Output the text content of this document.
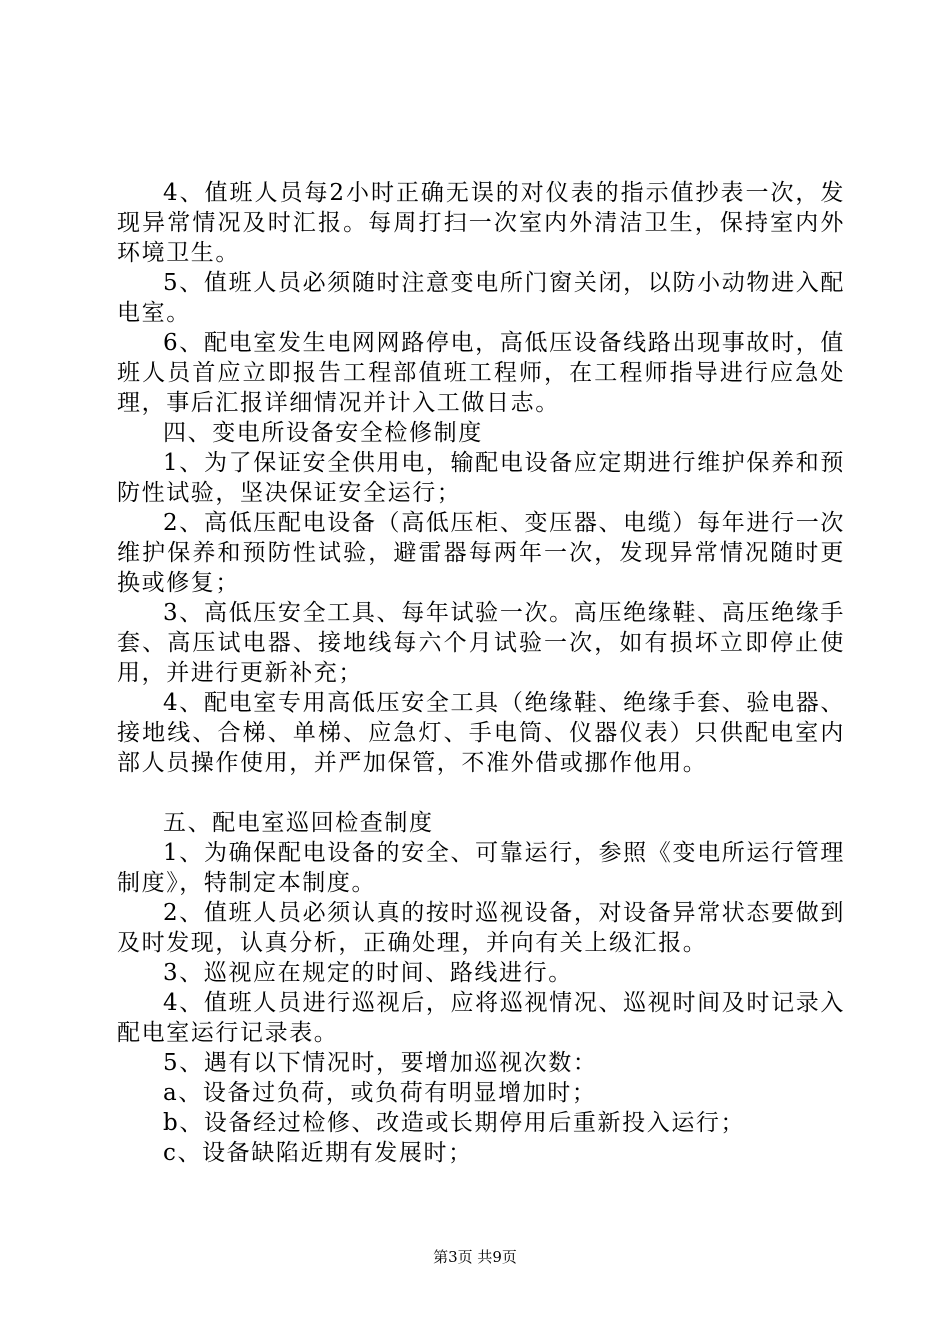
4、值班人员每2小时正确无误的对仪表的指示值抄表一次，发现异常情况及时汇报。每周打扫一次室内外清洁卫生，保持室内外环境卫生。

5、值班人员必须随时注意变电所门窗关闭，以防小动物进入配电室。

6、配电室发生电网网路停电，高低压设备线路出现事故时，值班人员首应立即报告工程部值班工程师，在工程师指导进行应急处理，事后汇报详细情况并计入工做日志。

四、变电所设备安全检修制度

1、为了保证安全供用电，输配电设备应定期进行维护保养和预防性试验，坚决保证安全运行；

2、高低压配电设备（高低压柜、变压器、电缆）每年进行一次维护保养和预防性试验，避雷器每两年一次，发现异常情况随时更换或修复；

3、高低压安全工具、每年试验一次。高压绝缘鞋、高压绝缘手套、高压试电器、接地线每六个月试验一次，如有损坏立即停止使用，并进行更新补充；

4、配电室专用高低压安全工具（绝缘鞋、绝缘手套、验电器、接地线、合梯、单梯、应急灯、手电筒、仪器仪表）只供配电室内部人员操作使用，并严加保管，不准外借或挪作他用。

五、配电室巡回检查制度

1、为确保配电设备的安全、可靠运行，参照《变电所运行管理制度》，特制定本制度。

2、值班人员必须认真的按时巡视设备，对设备异常状态要做到及时发现，认真分析，正确处理，并向有关上级汇报。

3、巡视应在规定的时间、路线进行。

4、值班人员进行巡视后，应将巡视情况、巡视时间及时记录入配电室运行记录表。

5、遇有以下情况时，要增加巡视次数：

a、设备过负荷，或负荷有明显增加时；

b、设备经过检修、改造或长期停用后重新投入运行；

c、设备缺陷近期有发展时；

第3页 共9页
